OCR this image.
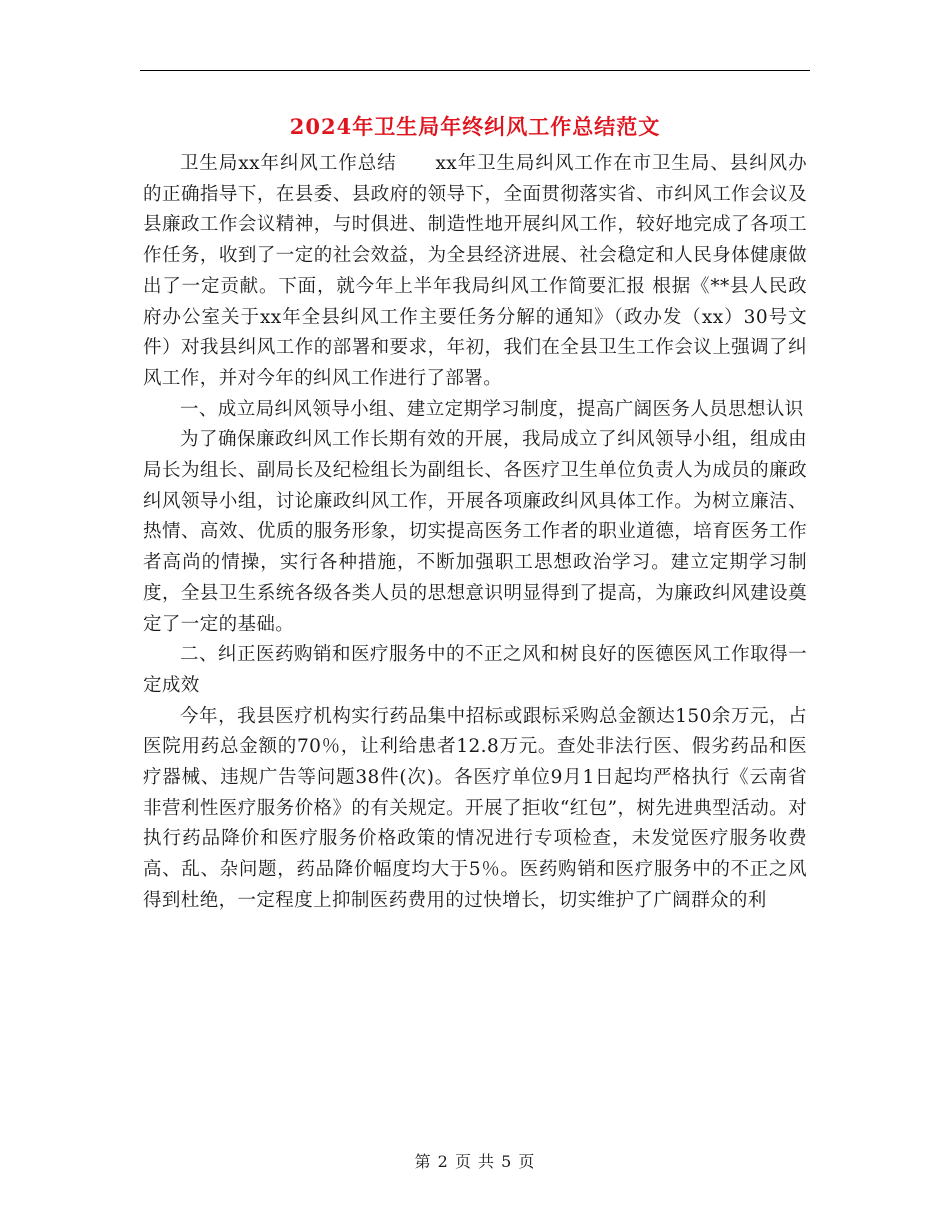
2024年卫生局年终纠风工作总结范文

卫生局xx年纠风工作总结　　xx年卫生局纠风工作在市卫生局、县纠风办的正确指导下，在县委、县政府的领导下，全面贯彻落实省、市纠风工作会议及县廉政工作会议精神，与时俱进、制造性地开展纠风工作，较好地完成了各项工作任务，收到了一定的社会效益，为全县经济进展、社会稳定和人民身体健康做出了一定贡献。下面，就今年上半年我局纠风工作简要汇报 根据《**县人民政府办公室关于xx年全县纠风工作主要任务分解的通知》（政办发（xx）30号文件）对我县纠风工作的部署和要求，年初，我们在全县卫生工作会议上强调了纠风工作，并对今年的纠风工作进行了部署。

一、成立局纠风领导小组、建立定期学习制度，提高广阔医务人员思想认识

为了确保廉政纠风工作长期有效的开展，我局成立了纠风领导小组，组成由局长为组长、副局长及纪检组长为副组长、各医疗卫生单位负责人为成员的廉政纠风领导小组，讨论廉政纠风工作，开展各项廉政纠风具体工作。为树立廉洁、热情、高效、优质的服务形象，切实提高医务工作者的职业道德，培育医务工作者高尚的情操，实行各种措施，不断加强职工思想政治学习。建立定期学习制度，全县卫生系统各级各类人员的思想意识明显得到了提高，为廉政纠风建设奠定了一定的基础。

二、纠正医药购销和医疗服务中的不正之风和树良好的医德医风工作取得一定成效

今年，我县医疗机构实行药品集中招标或跟标采购总金额达150余万元，占医院用药总金额的70％，让利给患者12.8万元。查处非法行医、假劣药品和医疗器械、违规广告等问题38件(次)。各医疗单位9月1日起均严格执行《云南省非营利性医疗服务价格》的有关规定。开展了拒收“红包”，树先进典型活动。对执行药品降价和医疗服务价格政策的情况进行专项检查，未发觉医疗服务收费高、乱、杂问题，药品降价幅度均大于5％。医药购销和医疗服务中的不正之风得到杜绝，一定程度上抑制医药费用的过快增长，切实维护了广阔群众的利

第 2 页 共 5 页
